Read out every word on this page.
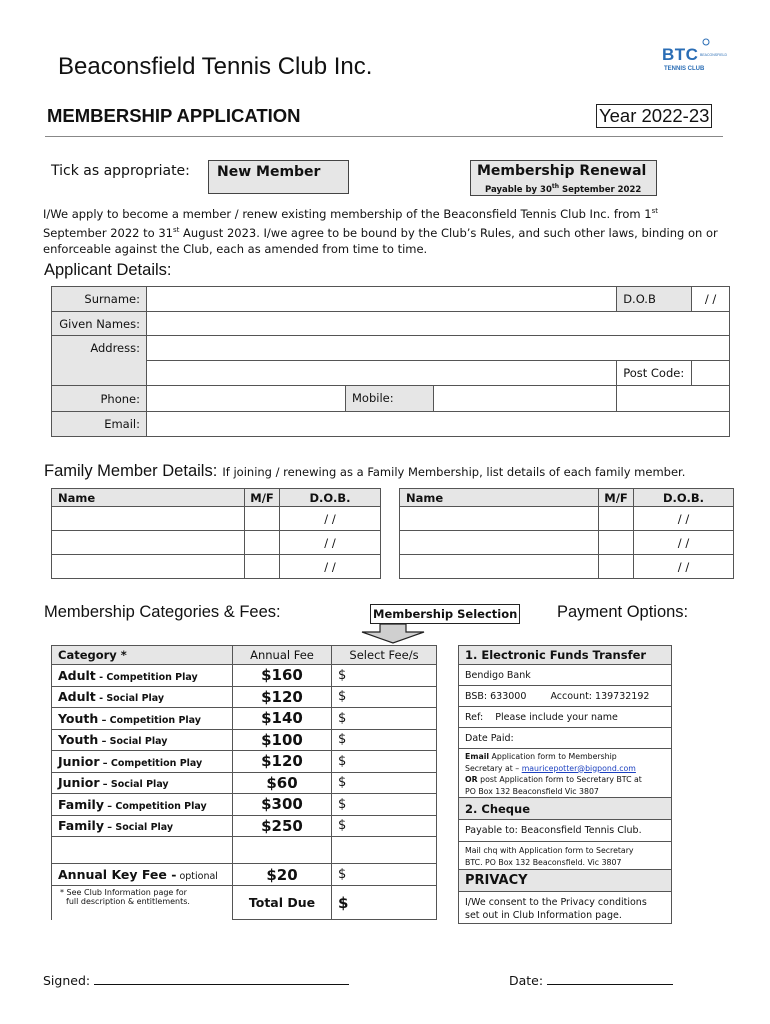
Beaconsfield Tennis Club Inc.	BTC BEACONSFIELD
TENNIS CLUB
MEMBERSHIP APPLICATION	Year 2022-23
Tick as appropriate: New Member	Membership Renewal
Payable by 30th September 2022
I/We apply to become a member / renew existing membership of the Beaconsfield Tennis Club Inc. from 1st
September 2022 to 31st August 2023. I/we agree to be bound by the Club’s Rules, and such other laws, binding on or
enforceable against the Club, each as amended from time to time.
Applicant Details:
Surname:			D.O.B	/ /
Given Names:				
Address:				
			Post Code:	
Phone:		Mobile:		

Email:				
Family Member Details: If joining / renewing as a Family Membership, list details of each family member.
Name	M/F	D.O.B.
		/ /
		/ /
		/ /
Name	M/F	D.O.B.
		/ /
		/ /
		/ /
Membership Categories & Fees:	Membership Selection Payment Options:
Category *	Annual Fee	Select Fee/s
Adult - Competition Play	$160	$
Adult - Social Play	$120	$
Youth – Competition Play	$140	$
Youth – Social Play	$100	$
Junior – Competition Play	$120	$
Junior – Social Play	$60	$
Family – Competition Play	$300	$
Family – Social Play	$250	$

Annual Key Fee - optional	$20	$

* See Club Information page for
full description & entitlements.	Total Due	$
1. Electronic Funds Transfer
Bendigo Bank
BSB: 633000	Account: 139732192
Ref: Please include your name
Date Paid:

Email Application form to Membership
Secretary at – mauricepotter@bigpond.com
OR post Application form to Secretary BTC at
PO Box 132 Beaconsfield Vic 3807

2. Cheque
Payable to: Beaconsfield Tennis Club.

Mail chq with Application form to Secretary
BTC. PO Box 132 Beaconsfield. Vic 3807

PRIVACY

I/We consent to the Privacy conditions
set out in Club Information page.
Signed:	Date:
